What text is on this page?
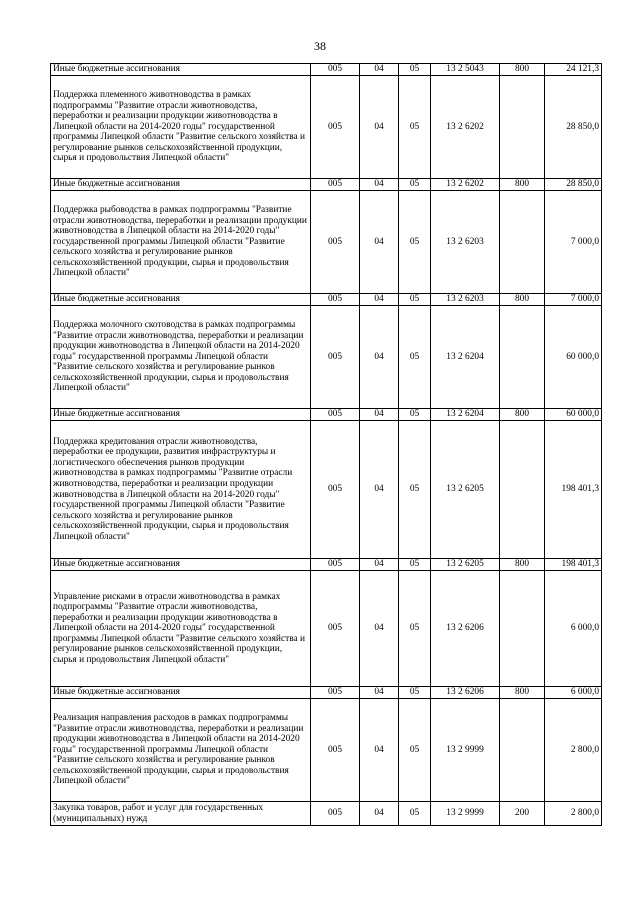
38
Иные бюджетные ассигнования	005	04	05	13 2 5043	800	24 121,3
Поддержка племенного животноводства в рамках подпрограммы "Развитие отрасли животноводства, переработки и реализации продукции животноводства в Липецкой области на 2014-2020 годы" государственной программы Липецкой области "Развитие сельского хозяйства и регулирование рынков сельскохозяйственной продукции, сырья и продовольствия Липецкой области"	005	04	05	13 2 6202		28 850,0
Иные бюджетные ассигнования	005	04	05	13 2 6202	800	28 850,0
Поддержка рыбоводства в рамках подпрограммы "Развитие отрасли животноводства, переработки и реализации продукции животноводства в Липецкой области на 2014-2020 годы" государственной программы Липецкой области "Развитие сельского хозяйства и регулирование рынков сельскохозяйственной продукции, сырья и продовольствия Липецкой области"	005	04	05	13 2 6203		7 000,0
Иные бюджетные ассигнования	005	04	05	13 2 6203	800	7 000,0
Поддержка молочного скотоводства в рамках подпрограммы "Развитие отрасли животноводства, переработки и реализации продукции животноводства в Липецкой области на 2014-2020 годы" государственной программы Липецкой области "Развитие сельского хозяйства и регулирование рынков сельскохозяйственной продукции, сырья и продовольствия Липецкой области"	005	04	05	13 2 6204		60 000,0
Иные бюджетные ассигнования	005	04	05	13 2 6204	800	60 000,0
Поддержка кредитования отрасли животноводства, переработки ее продукции, развития инфраструктуры и логистического обеспечения рынков продукции животноводства в рамках подпрограммы "Развитие отрасли животноводства, переработки и реализации продукции животноводства в Липецкой области на 2014-2020 годы" государственной программы Липецкой области "Развитие сельского хозяйства и регулирование рынков сельскохозяйственной продукции, сырья и продовольствия Липецкой области"	005	04	05	13 2 6205		198 401,3
Иные бюджетные ассигнования	005	04	05	13 2 6205	800	198 401,3
Управление рисками в отрасли животноводства в рамках подпрограммы "Развитие отрасли животноводства, переработки и реализации продукции животноводства в Липецкой области на 2014-2020 годы" государственной программы Липецкой области "Развитие сельского хозяйства и регулирование рынков сельскохозяйственной продукции, сырья и продовольствия Липецкой области"	005	04	05	13 2 6206		6 000,0
Иные бюджетные ассигнования	005	04	05	13 2 6206	800	6 000,0
Реализация направления расходов в рамках подпрограммы "Развитие отрасли животноводства, переработки и реализации продукции животноводства в Липецкой области на 2014-2020 годы" государственной программы Липецкой области "Развитие сельского хозяйства и регулирование рынков сельскохозяйственной продукции, сырья и продовольствия Липецкой области"	005	04	05	13 2 9999		2 800,0
Закупка товаров, работ и услуг для государственных (муниципальных) нужд	005	04	05	13 2 9999	200	2 800,0
